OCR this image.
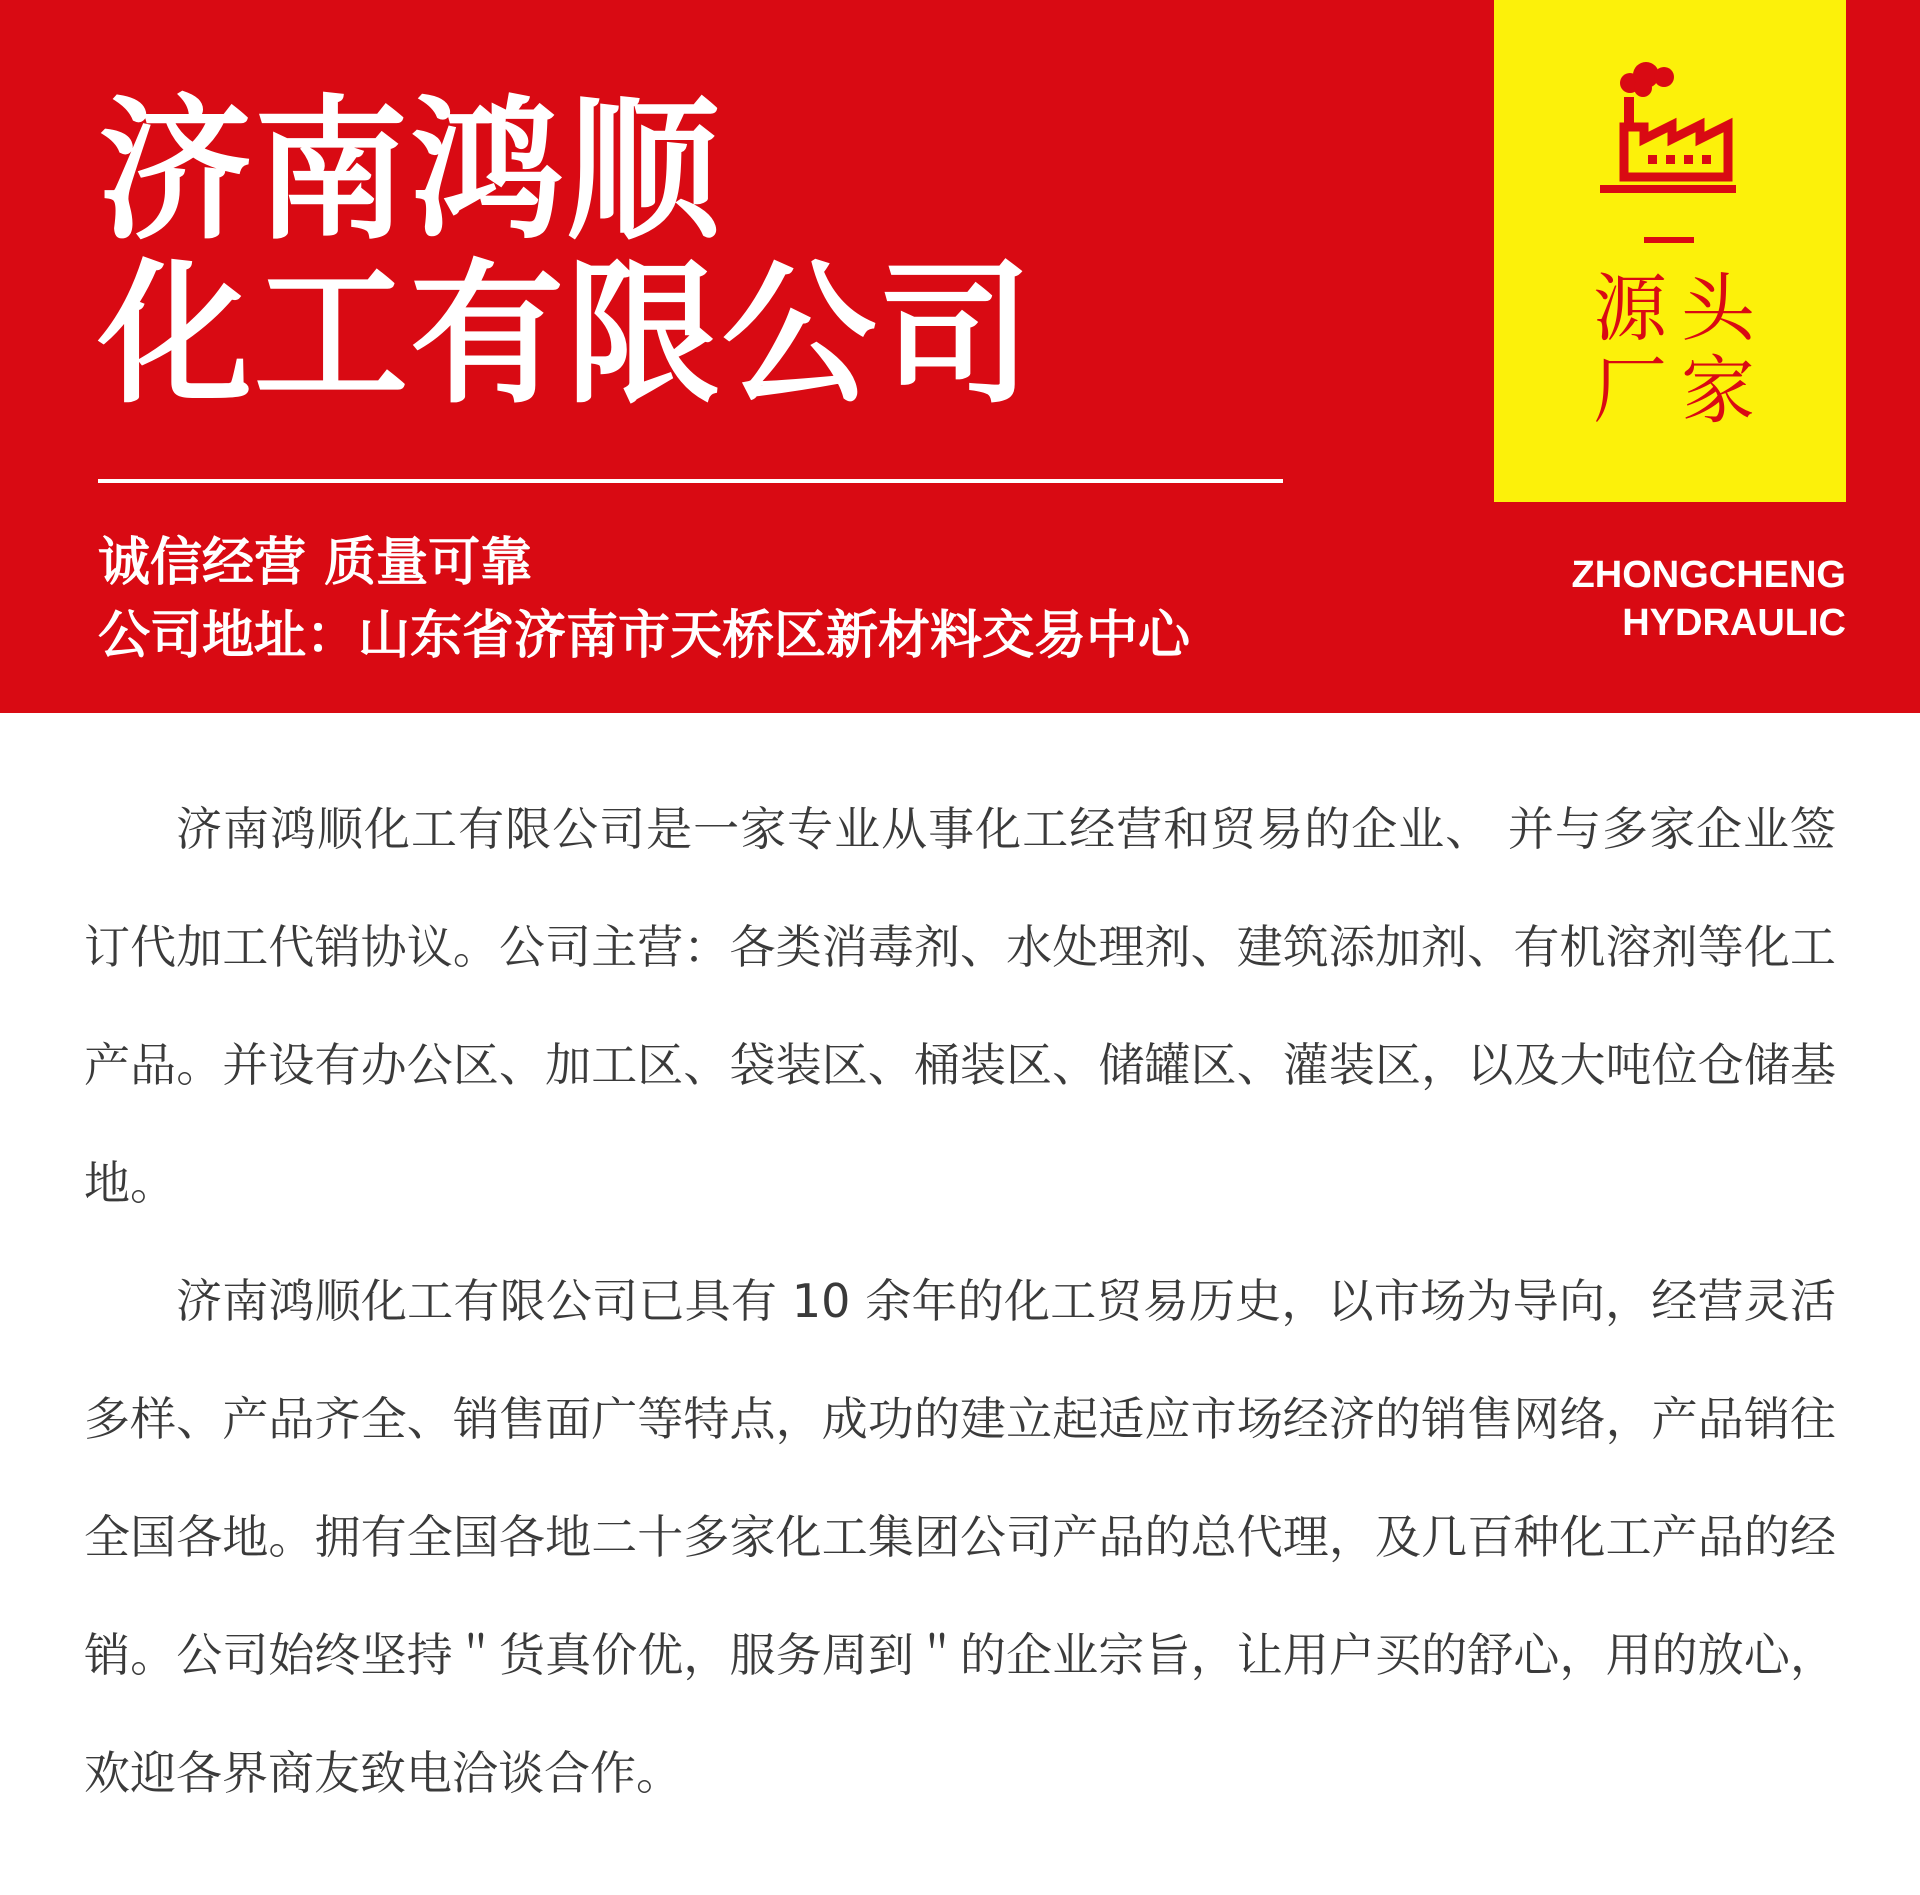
济南鸿顺
化工有限公司

诚信经营 质量可靠

公司地址：山东省济南市天桥区新材料交易中心

源 头
厂 家

ZHONGCHENG

HYDRAULIC

济南鸿顺化工有限公司是一家专业从事化工经营和贸易的企业、 并与多家企业签订代加工代销协议。公司主营：各类消毒剂、水处理剂、建筑添加剂、有机溶剂等化工产品。并设有办公区、加工区、袋装区、桶装区、储罐区、灌装区，以及大吨位仓储基地。

济南鸿顺化工有限公司已具有 10 余年的化工贸易历史，以市场为导向，经营灵活多样、产品齐全、销售面广等特点，成功的建立起适应市场经济的销售网络，产品销往全国各地。拥有全国各地二十多家化工集团公司产品的总代理，及几百种化工产品的经销。公司始终坚持＂货真价优，服务周到＂的企业宗旨，让用户买的舒心，用的放心，欢迎各界商友致电洽谈合作。
